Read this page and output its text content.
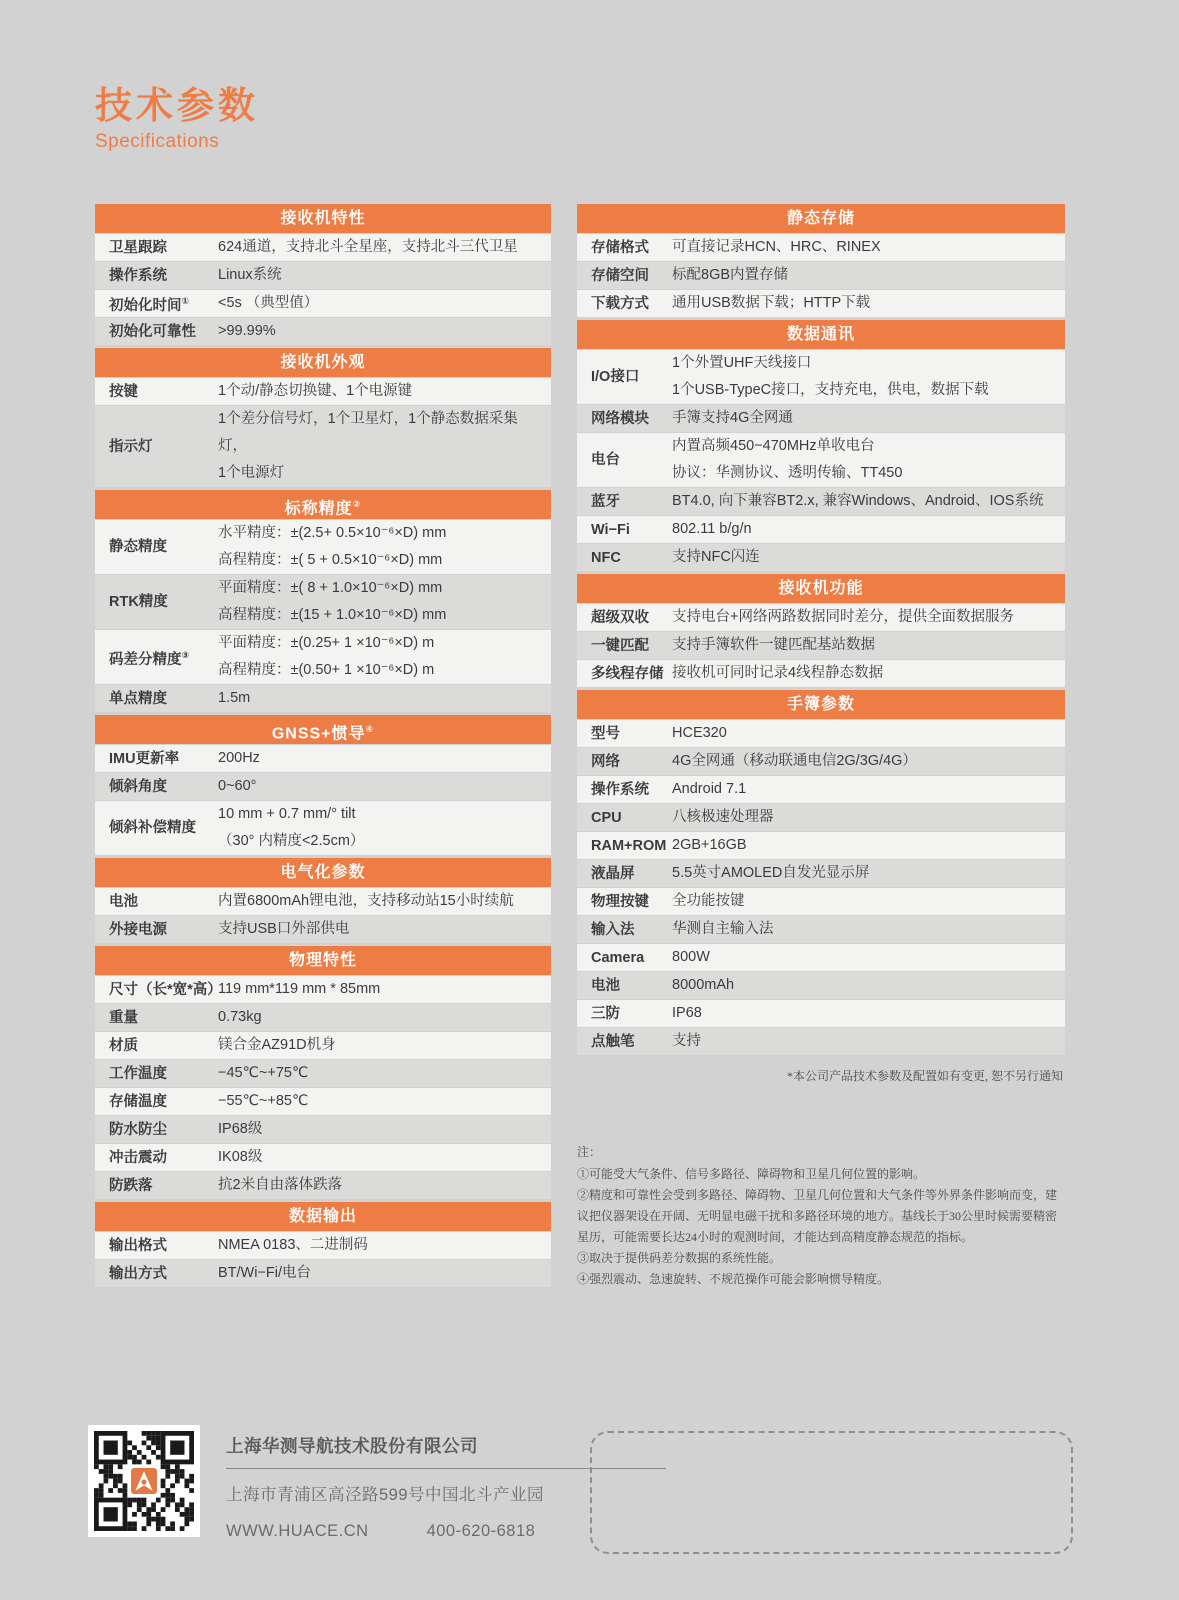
技术参数
Specifications
接收机特性
卫星跟踪	624通道，支持北斗全星座，支持北斗三代卫星
操作系统	Linux系统
初始化时间①	<5s （典型值）
初始化可靠性	>99.99%
接收机外观
按键	1个动/静态切换键、1个电源键
指示灯
1个差分信号灯，1个卫星灯，1个静态数据采集灯，
1个电源灯
标称精度②
静态精度
水平精度：±(2.5+ 0.5×10⁻⁶×D) mm
高程精度：±( 5 + 0.5×10⁻⁶×D) mm
RTK精度
平面精度：±( 8 + 1.0×10⁻⁶×D) mm
高程精度：±(15 + 1.0×10⁻⁶×D) mm
码差分精度③
平面精度：±(0.25+ 1 ×10⁻⁶×D) m
高程精度：±(0.50+ 1 ×10⁻⁶×D) m
单点精度	1.5m
GNSS+惯导④
IMU更新率	200Hz
倾斜角度	0~60°
倾斜补偿精度
10 mm + 0.7 mm/° tilt
（30° 内精度<2.5cm）
电气化参数
电池	内置6800mAh锂电池，支持移动站15小时续航
外接电源	支持USB口外部供电
物理特性
尺寸（长*宽*高）
119 mm*119 mm * 85mm
重量	0.73kg
材质	镁合金AZ91D机身
工作温度	−45℃~+75℃
存储温度	−55℃~+85℃
防水防尘	IP68级
冲击震动	IK08级
防跌落	抗2米自由落体跌落
数据输出
输出格式	NMEA 0183、二进制码
输出方式	BT/Wi−Fi/电台
静态存储
存储格式	可直接记录HCN、HRC、RINEX
存储空间	标配8GB内置存储
下载方式	通用USB数据下载；HTTP下载
数据通讯
I/O接口
1个外置UHF天线接口
1个USB-TypeC接口，支持充电，供电，数据下载
网络模块	手簿支持4G全网通
电台
内置高频450−470MHz单收电台
协议：华测协议、透明传输、TT450
蓝牙	BT4.0, 向下兼容BT2.x, 兼容Windows、Android、IOS系统
Wi−Fi	802.11 b/g/n
NFC	支持NFC闪连
接收机功能
超级双收	支持电台+网络两路数据同时差分，提供全面数据服务
一键匹配	支持手簿软件一键匹配基站数据
多线程存储 接收机可同时记录4线程静态数据
手簿参数
型号	HCE320
网络	4G全网通（移动联通电信2G/3G/4G）
操作系统	Android 7.1
CPU	八核极速处理器
RAM+ROM 2GB+16GB
液晶屏	5.5英寸AMOLED自发光显示屏
物理按键	全功能按键
输入法	华测自主输入法
Camera	800W
电池	8000mAh
三防	IP68
点触笔	支持
*本公司产品技术参数及配置如有变更, 恕不另行通知
注：
①可能受大气条件、信号多路径、障碍物和卫星几何位置的影响。
②精度和可靠性会受到多路径、障碍物、卫星几何位置和大气条件等外界条件影响而变，建议把仪器架设在开阔、无明显电磁干扰和多路径环境的地方。基线长于30公里时候需要精密星历，可能需要长达24小时的观测时间，才能达到高精度静态规范的指标。
③取决于提供码差分数据的系统性能。
④强烈震动、急速旋转、不规范操作可能会影响惯导精度。
上海华测导航技术股份有限公司
上海市青浦区高泾路599号中国北斗产业园
WWW.HUACE.CN	400-620-6818
